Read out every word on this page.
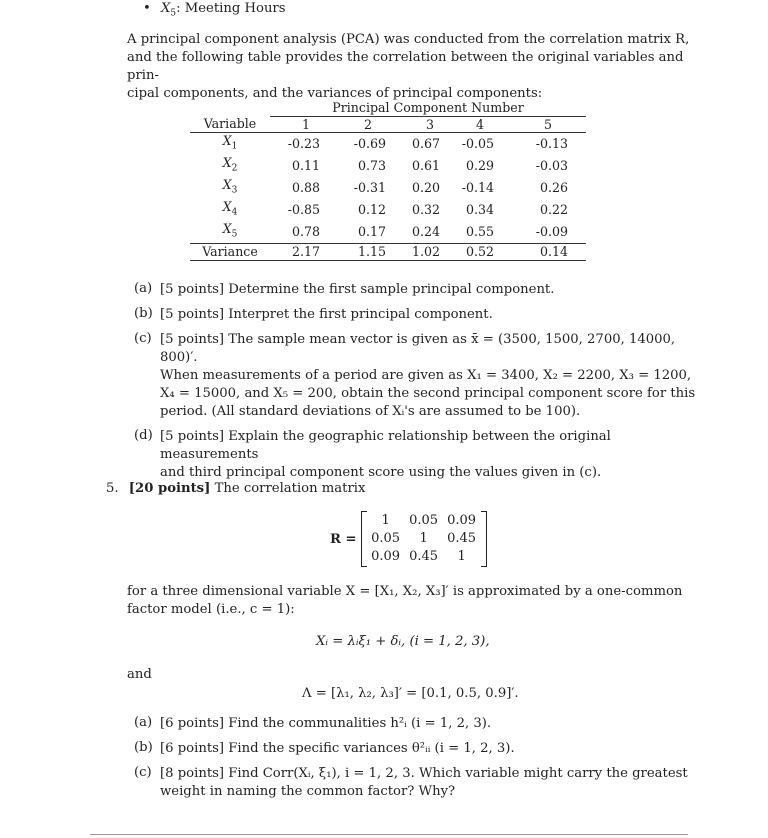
• $X_5$: Meeting Hours

A principal component analysis (PCA) was conducted from the correlation matrix R,

and the following table provides the correlation between the original variables and prin-

cipal components, and the variances of principal components:

	Principal Component Number				
Variable	1	2	3	4	5
$X_1$	-0.23	-0.69	0.67	-0.05	-0.13
$X_2$	0.11	0.73	0.61	0.29	-0.03
$X_3$	0.88	-0.31	0.20	-0.14	0.26
$X_4$	-0.85	0.12	0.32	0.34	0.22
$X_5$	0.78	0.17	0.24	0.55	-0.09
Variance	2.17	1.15	1.02	0.52	0.14
(a) [5 points] Determine the first sample principal component.

(b) [5 points] Interpret the first principal component.

(c) [5 points] The sample mean vector is given as x̄ = (3500, 1500, 2700, 14000, 800)′.

When measurements of a period are given as X₁ = 3400, X₂ = 2200, X₃ = 1200,

X₄ = 15000, and X₅ = 200, obtain the second principal component score for this

period. (All standard deviations of Xᵢ's are assumed to be 100).

(d) [5 points] Explain the geographic relationship between the original measurements

and third principal component score using the values given in (c).

5. [20 points] The correlation matrix
R =
1	0.05 0.09
0.05	1	0.45
0.09 0.45	1

for a three dimensional variable X = [X₁, X₂, X₃]′ is approximated by a one-common

factor model (i.e., c = 1):

Xᵢ = λᵢξ₁ + δᵢ, (i = 1, 2, 3),
and
Λ = [λ₁, λ₂, λ₃]′ = [0.1, 0.5, 0.9]′.
(a) [6 points] Find the communalities h²ᵢ (i = 1, 2, 3).

(b) [6 points] Find the specific variances θ²ᵢᵢ (i = 1, 2, 3).

(c) [8 points] Find Corr(Xᵢ, ξ₁), i = 1, 2, 3. Which variable might carry the greatest

weight in naming the common factor? Why?
